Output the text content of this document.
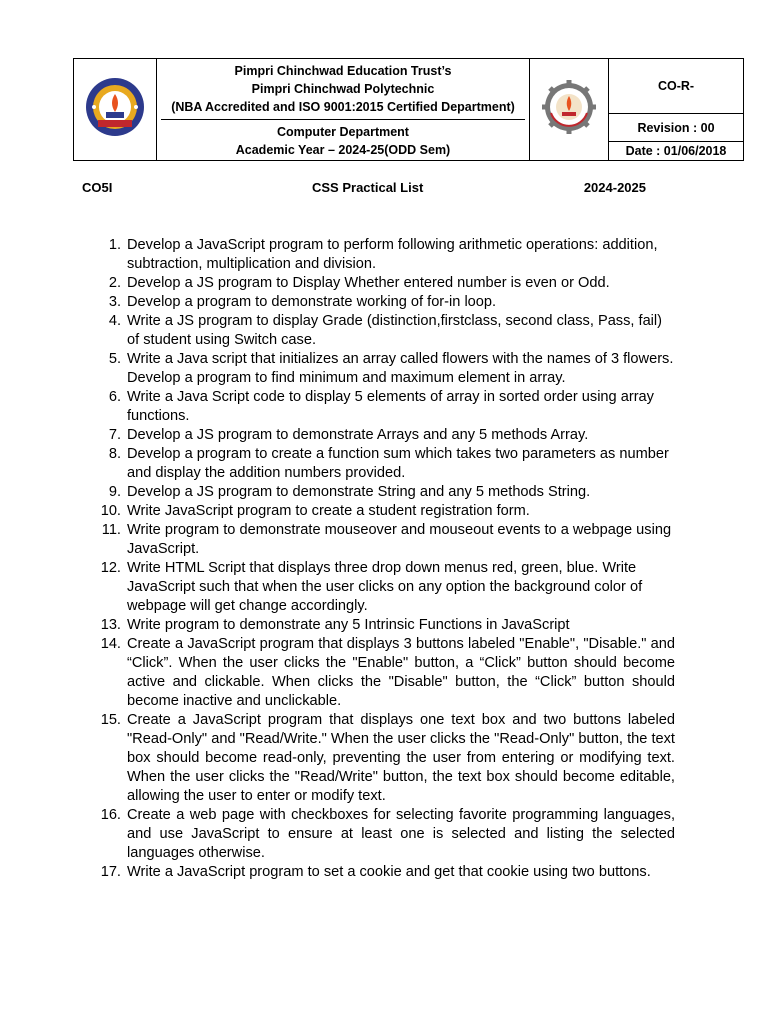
Pimpri Chinchwad Education Trust’s
Pimpri Chinchwad Polytechnic
(NBA Accredited and ISO 9001:2015 Certified Department)
Computer Department
Academic Year – 2024-25(ODD Sem)

CO-R-
Revision : 00
Date : 01/06/2018
CO5I	CSS Practical List	2024-2025
1. Develop a JavaScript program to perform following arithmetic operations: addition, subtraction, multiplication and division.
2. Develop a JS program to Display Whether entered number is even or Odd.
3. Develop a program to demonstrate working of for-in loop.
4. Write a JS program to display Grade (distinction,firstclass, second class, Pass, fail) of student using Switch case.
5. Write a Java script that initializes an array called flowers with the names of 3 flowers. Develop a program to find minimum and maximum element in array.
6. Write a Java Script code to display 5 elements of array in sorted order using array functions.
7. Develop a JS program to demonstrate Arrays and any 5 methods Array.
8. Develop a program to create a function sum which takes two parameters as number and display the addition numbers provided.
9. Develop a JS program to demonstrate String and any 5 methods String.
10. Write JavaScript program to create a student registration form.
11. Write program to demonstrate mouseover and mouseout events to a webpage using JavaScript.
12. Write HTML Script that displays three drop down menus red, green, blue. Write JavaScript such that when the user clicks on any option the background color of webpage will get change accordingly.
13. Write program to demonstrate any 5 Intrinsic Functions in JavaScript
14. Create a JavaScript program that displays 3 buttons labeled "Enable", "Disable." and “Click”. When the user clicks the "Enable" button, a “Click” button should become active and clickable. When clicks the "Disable" button, the “Click” button should become inactive and unclickable.
15. Create a JavaScript program that displays one text box and two buttons labeled "Read-Only" and "Read/Write." When the user clicks the "Read-Only" button, the text box should become read-only, preventing the user from entering or modifying text. When the user clicks the "Read/Write" button, the text box should become editable, allowing the user to enter or modify text.
16. Create a web page with checkboxes for selecting favorite programming languages, and use JavaScript to ensure at least one is selected and listing the selected languages otherwise.
17. Write a JavaScript program to set a cookie and get that cookie using two buttons.
